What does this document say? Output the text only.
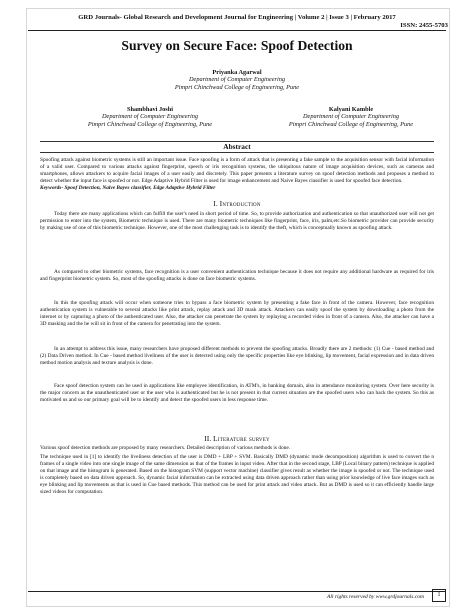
GRD Journals- Global Research and Development Journal for Engineering | Volume 2 | Issue 3 | February 2017
ISSN: 2455-5703
Survey on Secure Face: Spoof Detection
Priyanka Agarwal
Department of Computer Engineering
Pimpri Chinchwad College of Engineering, Pune
Shambhavi Joshi
Department of Computer Engineering
Pimpri Chinchwad College of Engineering, Pune
Kalyani Kamble
Department of Computer Engineering
Pimpri Chinchwad College of Engineering, Pune
Abstract

Spoofing attack against biometric systems is still an important issue. Face spoofing is a form of attack that is presenting a fake sample to the acquisition sensor with facial information of a valid user. Compared to various attacks against fingerprint, speech or iris recognition systems, the ubiquitous nature of image acquisition devices, such as cameras and smartphones, allows attackers to acquire facial images of a user easily and discretely. This paper presents a literature survey on spoof detection methods and proposes a method to detect whether the input face is spoofed or not. Edge Adaptive Hybrid Filter is used for image enhancement and Naive Bayes classifier is used for spoofed face detection.

Keywords- Spoof Detection, Naive Bayes classifier, Edge Adaptive Hybrid Filter

I. Introduction

Today there are many applications which can fulfill the user's need in short period of time. So, to provide authorization and authentication so that unauthorized user will not get permission to enter into the system, Biometric technique is used. There are many biometric techniques like fingerprint, face, iris, palm,etc.So biometric provider can provide security by making use of one of this biometric technique. However, one of the most challenging task is to identify the theft, which is conceptually known as spoofing attack.

As compared to other biometric systems, face recognition is a user convenient authentication technique because it does not require any additional hardware as required for iris and fingerprint biometric system. So, most of the spoofing attacks is done on face biometric systems.

In this the spoofing attack will occur when someone tries to bypass a face biometric system by presenting a fake face in front of the camera. However, face recognition authentication system is vulnerable to several attacks like print attack, replay attack and 3D mask attack. Attackers can easily spoof the system by downloading a photo from the internet or by capturing a photo of the authenticated user. Also, the attacker can penetrate the system by replaying a recorded video in front of a camera. Also, the attacker can have a 3D masking and the he will sit in front of the camera for penetrating into the system.

In an attempt to address this issue, many researchers have proposed different methods to prevent the spoofing attacks. Broadly there are 2 methods: (1) Cue - based method and (2) Data Driven method. In Cue - based method liveliness of the user is detected using only the specific properties like eye blinking, lip movement, facial expression and in data driven method motion analysis and texture analysis is done.

Face spoof detection system can be used in applications like employee identification, in ATM's, in banking domain, also in attendance monitoring system. Over here security is the major concern as the unauthenticated user or the user who is authenticated but he is not present in that current situation are the spoofed users who can hack the system. So this as motivated us and so our primary goal will be to identify and detect the spoofed users in less response time.

II. Literature survey

Various spoof detection methods are proposed by many researchers. Detailed description of various methods is done.

The technique used in [1] to identify the liveliness detection of the user is DMD + LBP + SVM. Basically DMD (dynamic mode decomposition) algorithm is used to convert the n frames of a single video into one single image of the same dimension as that of the frames in input video. After that in the second stage, LBP (Local binary pattern) technique is applied on that image and the histogram is generated. Based on the histogram SVM (support vector machine) classifier gives result as whether the image is spoofed or not. The technique used is completely based on data driven approach. So, dynamic facial information can be extracted using data driven approach rather than using prior knowledge of live face images such as eye blinking and lip movements as that is used in Cue based methods. This method can be used for print attack and video attack. But as DMD is used so it can efficiently handle large sized videos for computation.

All rights reserved by www.grdjournals.com	1
